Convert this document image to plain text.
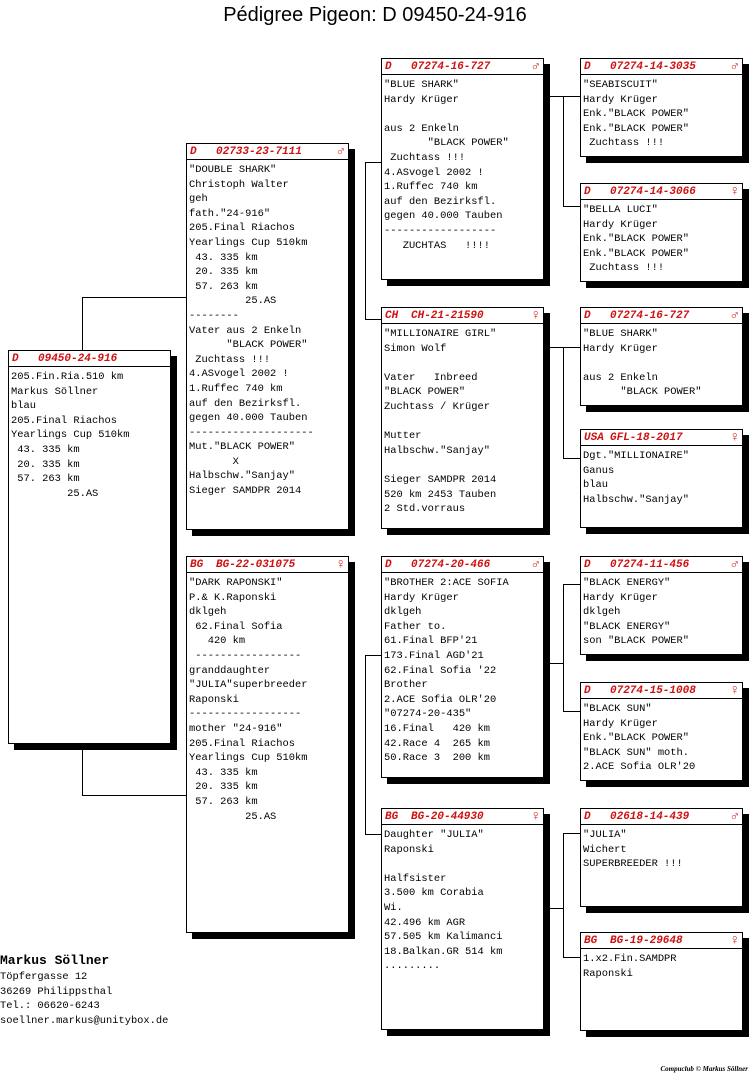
Pédigree Pigeon: D 09450-24-916
D	09450-24-916
205.Fin.Ria.510 km
Markus Söllner
blau
205.Final Riachos
Yearlings Cup 510km
43. 335 km
20. 335 km
57. 263 km
25.AS
D	02733-23-7111	♂
"DOUBLE SHARK"
Christoph Walter
geh
fath."24-916"
205.Final Riachos
Yearlings Cup 510km
43. 335 km
20. 335 km
57. 263 km
25.AS
--------
Vater aus 2 Enkeln
"BLACK POWER"
Zuchtass !!!
4.ASvogel 2002 !
1.Ruffec 740 km
auf den Bezirksfl.
gegen 40.000 Tauben
--------------------
Mut."BLACK POWER"
X
Halbschw."Sanjay"
Sieger SAMDPR 2014
BG	BG-22-031075	♀
"DARK RAPONSKI"
P.& K.Raponski
dklgeh
62.Final Sofia
420 km
-----------------
granddaughter
"JULIA"superbreeder
Raponski
------------------
mother "24-916"
205.Final Riachos
Yearlings Cup 510km
43. 335 km
20. 335 km
57. 263 km
25.AS
D	07274-16-727	♂
"BLUE SHARK"
Hardy Krüger
aus 2 Enkeln
"BLACK POWER"
Zuchtass !!!
4.ASvogel 2002 !
1.Ruffec 740 km
auf den Bezirksfl.
gegen 40.000 Tauben
------------------
ZUCHTAS   !!!!
CH	CH-21-21590	♀
"MILLIONAIRE GIRL"
Simon Wolf
Vater   Inbreed
"BLACK POWER"
Zuchtass / Krüger
Mutter
Halbschw."Sanjay"
Sieger SAMDPR 2014
520 km 2453 Tauben
2 Std.vorraus
D	07274-20-466	♂
"BROTHER 2:ACE SOFIA
Hardy Krüger
dklgeh
Father to.
61.Final BFP'21
173.Final AGD'21
62.Final Sofia '22
Brother
2.ACE Sofia OLR'20
"07274-20-435"
16.Final   420 km
42.Race 4  265 km
50.Race 3  200 km
BG	BG-20-44930	♀
Daughter "JULIA"
Raponski
Halfsister
3.500 km Corabia
Wi.
42.496 km AGR
57.505 km Kalimanci
18.Balkan.GR 514 km
.........
D	07274-14-3035	♂
"SEABISCUIT"
Hardy Krüger
Enk."BLACK POWER"
Enk."BLACK POWER"
Zuchtass !!!
D	07274-14-3066	♀
"BELLA LUCI"
Hardy Krüger
Enk."BLACK POWER"
Enk."BLACK POWER"
Zuchtass !!!
D	07274-16-727	♂
"BLUE SHARK"
Hardy Krüger
aus 2 Enkeln
"BLACK POWER"
USA GFL-18-2017	♀
Dgt."MILLIONAIRE"
Ganus
blau
Halbschw."Sanjay"
D	07274-11-456	♂
"BLACK ENERGY"
Hardy Krüger
dklgeh
"BLACK ENERGY"
son "BLACK POWER"
D	07274-15-1008	♀
"BLACK SUN"
Hardy Krüger
Enk."BLACK POWER"
"BLACK SUN" moth.
2.ACE Sofia OLR'20
D	02618-14-439	♂
"JULIA"
Wichert
SUPERBREEDER !!!
BG	BG-19-29648	♀
1.x2.Fin.SAMDPR
Raponski
Markus Söllner
Töpfergasse 12
36269 Philippsthal
Tel.: 06620-6243
soellner.markus@unitybox.de
Compuclub © Markus Söllner
